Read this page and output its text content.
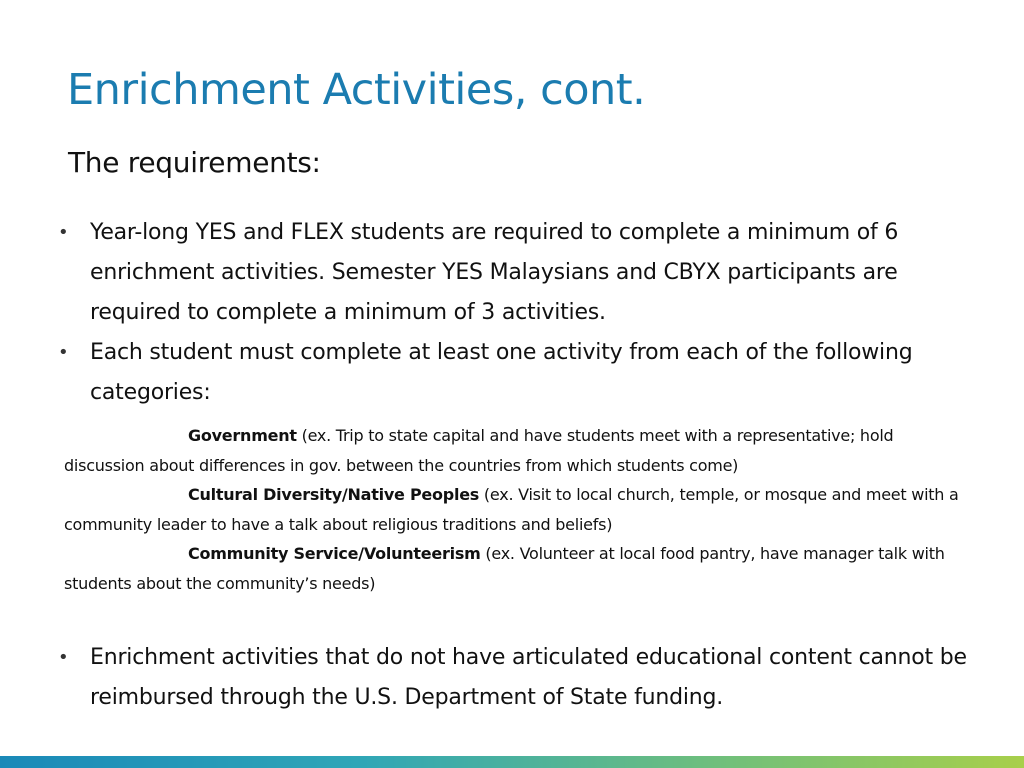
Enrichment Activities, cont.

The requirements:

• Year-long YES and FLEX students are required to complete a minimum of 6 enrichment activities. Semester YES Malaysians and CBYX participants are required to complete a minimum of 3 activities.
• Each student must complete at least one activity from each of the following categories:
• Enrichment activities that do not have articulated educational content cannot be reimbursed through the U.S. Department of State funding.

Government (ex. Trip to state capital and have students meet with a representative; hold discussion about differences in gov. between the countries from which students come)

Cultural Diversity/Native Peoples (ex. Visit to local church, temple, or mosque and meet with a community leader to have a talk about religious traditions and beliefs)

Community Service/Volunteerism (ex. Volunteer at local food pantry, have manager talk with students about the community’s needs)
